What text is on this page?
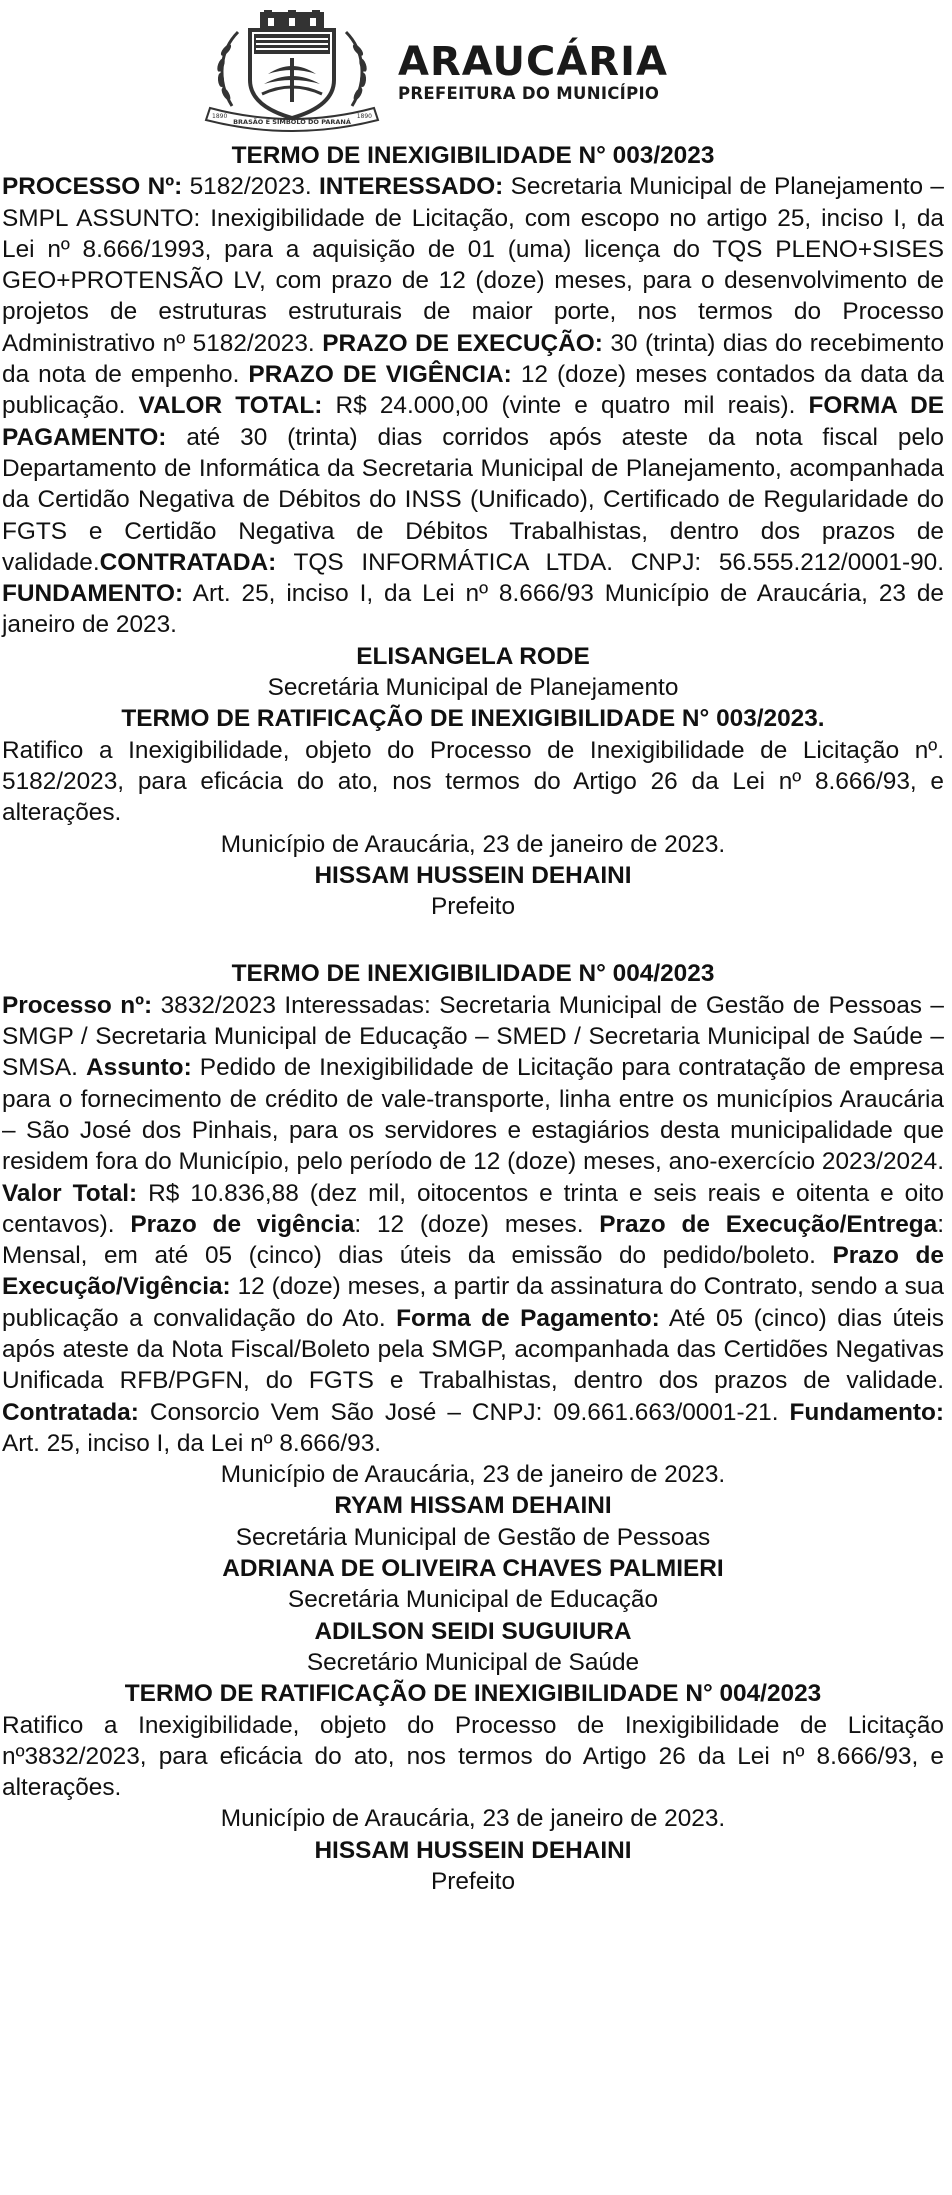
1890
BRASÃO E SÍMBOLO DO PARANÁ
1890
ARAUCÁRIA
PREFEITURA DO MUNICÍPIO

TERMO DE INEXIGIBILIDADE N° 003/2023

PROCESSO Nº: 5182/2023. INTERESSADO: Secretaria Municipal de Planejamento – SMPL ASSUNTO: Inexigibilidade de Licitação, com escopo no artigo 25, inciso I, da Lei nº 8.666/1993, para a aquisição de 01 (uma) licença do TQS PLENO+SISES GEO+PROTENSÃO LV, com prazo de 12 (doze) meses, para o desenvolvimento de projetos de estruturas estruturais de maior porte, nos termos do Processo Administrativo nº 5182/2023. PRAZO DE EXECUÇÃO: 30 (trinta) dias do recebimento da nota de empenho. PRAZO DE VIGÊNCIA: 12 (doze) meses contados da data da publicação. VALOR TOTAL: R$ 24.000,00 (vinte e quatro mil reais). FORMA DE PAGAMENTO: até 30 (trinta) dias corridos após ateste da nota fiscal pelo Departamento de Informática da Secretaria Municipal de Planejamento, acompanhada da Certidão Negativa de Débitos do INSS (Unificado), Certificado de Regularidade do FGTS e Certidão Negativa de Débitos Trabalhistas, dentro dos prazos de validade.CONTRATADA: TQS INFORMÁTICA LTDA. CNPJ: 56.555.212/0001-90. FUNDAMENTO: Art. 25, inciso I, da Lei nº 8.666/93 Município de Araucária, 23 de janeiro de 2023.

ELISANGELA RODE

Secretária Municipal de Planejamento

TERMO DE RATIFICAÇÃO DE INEXIGIBILIDADE N° 003/2023.

Ratifico a Inexigibilidade, objeto do Processo de Inexigibilidade de Licitação nº. 5182/2023, para eficácia do ato, nos termos do Artigo 26 da Lei nº 8.666/93, e alterações.

Município de Araucária, 23 de janeiro de 2023.

HISSAM HUSSEIN DEHAINI

Prefeito

TERMO DE INEXIGIBILIDADE N° 004/2023

Processo nº: 3832/2023 Interessadas: Secretaria Municipal de Gestão de Pessoas – SMGP / Secretaria Municipal de Educação – SMED / Secretaria Municipal de Saúde – SMSA. Assunto: Pedido de Inexigibilidade de Licitação para contratação de empresa para o fornecimento de crédito de vale-transporte, linha entre os municípios Araucária – São José dos Pinhais, para os servidores e estagiários desta municipalidade que residem fora do Município, pelo período de 12 (doze) meses, ano-exercício 2023/2024. Valor Total: R$ 10.836,88 (dez mil, oitocentos e trinta e seis reais e oitenta e oito centavos). Prazo de vigência: 12 (doze) meses. Prazo de Execução/Entrega: Mensal, em até 05 (cinco) dias úteis da emissão do pedido/boleto. Prazo de Execução/Vigência: 12 (doze) meses, a partir da assinatura do Contrato, sendo a sua publicação a convalidação do Ato. Forma de Pagamento: Até 05 (cinco) dias úteis após ateste da Nota Fiscal/Boleto pela SMGP, acompanhada das Certidões Negativas Unificada RFB/PGFN, do FGTS e Trabalhistas, dentro dos prazos de validade. Contratada: Consorcio Vem São José – CNPJ: 09.661.663/0001-21. Fundamento: Art. 25, inciso I, da Lei nº 8.666/93.

Município de Araucária, 23 de janeiro de 2023.

RYAM HISSAM DEHAINI

Secretária Municipal de Gestão de Pessoas

ADRIANA DE OLIVEIRA CHAVES PALMIERI

Secretária Municipal de Educação

ADILSON SEIDI SUGUIURA

Secretário Municipal de Saúde

TERMO DE RATIFICAÇÃO DE INEXIGIBILIDADE N° 004/2023

Ratifico a Inexigibilidade, objeto do Processo de Inexigibilidade de Licitação nº3832/2023, para eficácia do ato, nos termos do Artigo 26 da Lei nº 8.666/93, e alterações.

Município de Araucária, 23 de janeiro de 2023.

HISSAM HUSSEIN DEHAINI

Prefeito
